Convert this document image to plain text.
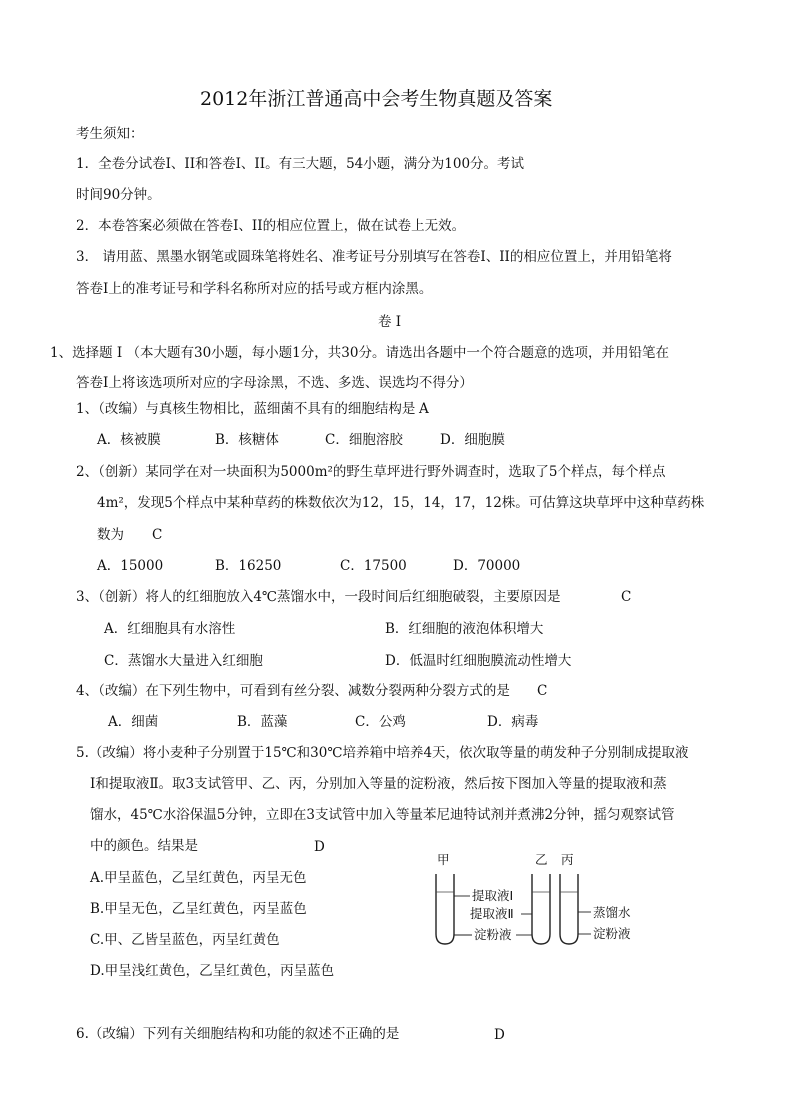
2012年浙江普通高中会考生物真题及答案
考生须知：
1．全卷分试卷I、II和答卷I、II。有三大题，54小题，满分为100分。考试
时间90分钟。
2．本卷答案必须做在答卷I、II的相应位置上，做在试卷上无效。
3． 请用蓝、黑墨水钢笔或圆珠笔将姓名、准考证号分别填写在答卷I、II的相应位置上，并用铅笔将
答卷I上的准考证号和学科名称所对应的括号或方框内涂黑。
卷 I
1、选择题 I （本大题有30小题，每小题1分，共30分。请选出各题中一个符合题意的选项，并用铅笔在
答卷I上将该选项所对应的字母涂黑，不选、多选、误选均不得分）
1、（改编）与真核生物相比，蓝细菌不具有的细胞结构是 A
A．核被膜	B．核糖体	C．细胞溶胶	D．细胞膜
2、（创新）某同学在对一块面积为5000m²的野生草坪进行野外调查时，选取了5个样点，每个样点
4m²，发现5个样点中某种草药的株数依次为12，15，14，17，12株。可估算这块草坪中这种草药株
数为 C
A．15000	B．16250	C．17500	D．70000
3、（创新）将人的红细胞放入4℃蒸馏水中，一段时间后红细胞破裂，主要原因是	C
A．红细胞具有水溶性	B．红细胞的液泡体积增大
C．蒸馏水大量进入红细胞	D．低温时红细胞膜流动性增大
4、（改编）在下列生物中，可看到有丝分裂、减数分裂两种分裂方式的是 C
A．细菌	B．蓝藻	C．公鸡	D．病毒
5.（改编）将小麦种子分别置于15℃和30℃培养箱中培养4天，依次取等量的萌发种子分别制成提取液
Ⅰ和提取液Ⅱ。取3支试管甲、乙、丙，分别加入等量的淀粉液，然后按下图加入等量的提取液和蒸
馏水，45℃水浴保温5分钟，立即在3支试管中加入等量苯尼迪特试剂并煮沸2分钟，摇匀观察试管
中的颜色。结果是	D
A.甲呈蓝色，乙呈红黄色，丙呈无色
B.甲呈无色，乙呈红黄色，丙呈蓝色
C.甲、乙皆呈蓝色，丙呈红黄色
D.甲呈浅红黄色，乙呈红黄色，丙呈蓝色
甲	乙 丙
提取液Ⅰ
提取液Ⅱ
淀粉液
蒸馏水
淀粉液
6.（改编）下列有关细胞结构和功能的叙述不正确的是	D
